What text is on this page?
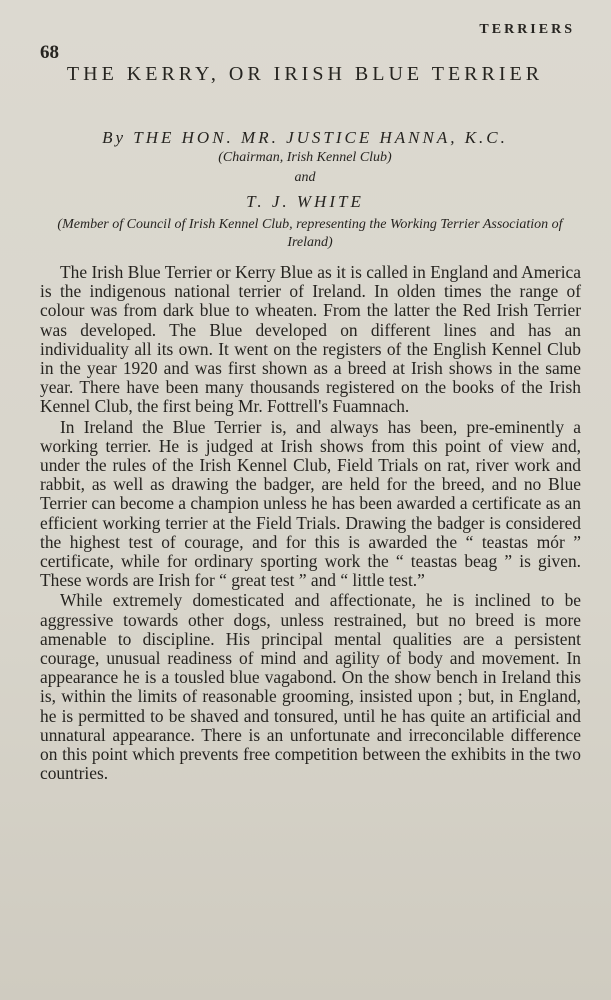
TERRIERS
68
THE KERRY, OR IRISH BLUE TERRIER
By THE HON. MR. JUSTICE HANNA, K.C.
(Chairman, Irish Kennel Club)
and
T. J. WHITE
(Member of Council of Irish Kennel Club, representing the Working Terrier Association of Ireland)

The Irish Blue Terrier or Kerry Blue as it is called in England and America is the indigenous national terrier of Ireland. In olden times the range of colour was from dark blue to wheaten. From the latter the Red Irish Terrier was developed. The Blue developed on different lines and has an individuality all its own. It went on the registers of the English Kennel Club in the year 1920 and was first shown as a breed at Irish shows in the same year. There have been many thousands registered on the books of the Irish Kennel Club, the first being Mr. Fottrell's Fuamnach.

In Ireland the Blue Terrier is, and always has been, pre-eminently a working terrier. He is judged at Irish shows from this point of view and, under the rules of the Irish Kennel Club, Field Trials on rat, river work and rabbit, as well as drawing the badger, are held for the breed, and no Blue Terrier can become a champion unless he has been awarded a certificate as an efficient working terrier at the Field Trials. Drawing the badger is considered the highest test of courage, and for this is awarded the “ teastas mór ” certificate, while for ordinary sporting work the “ teastas beag ” is given. These words are Irish for “ great test ” and “ little test.”

While extremely domesticated and affectionate, he is inclined to be aggressive towards other dogs, unless restrained, but no breed is more amenable to discipline. His principal mental qualities are a persistent courage, unusual readiness of mind and agility of body and movement. In appearance he is a tousled blue vagabond. On the show bench in Ireland this is, within the limits of reasonable grooming, insisted upon ; but, in England, he is permitted to be shaved and tonsured, until he has quite an artificial and unnatural appearance. There is an unfortunate and irreconcilable difference on this point which prevents free competition between the exhibits in the two countries.
